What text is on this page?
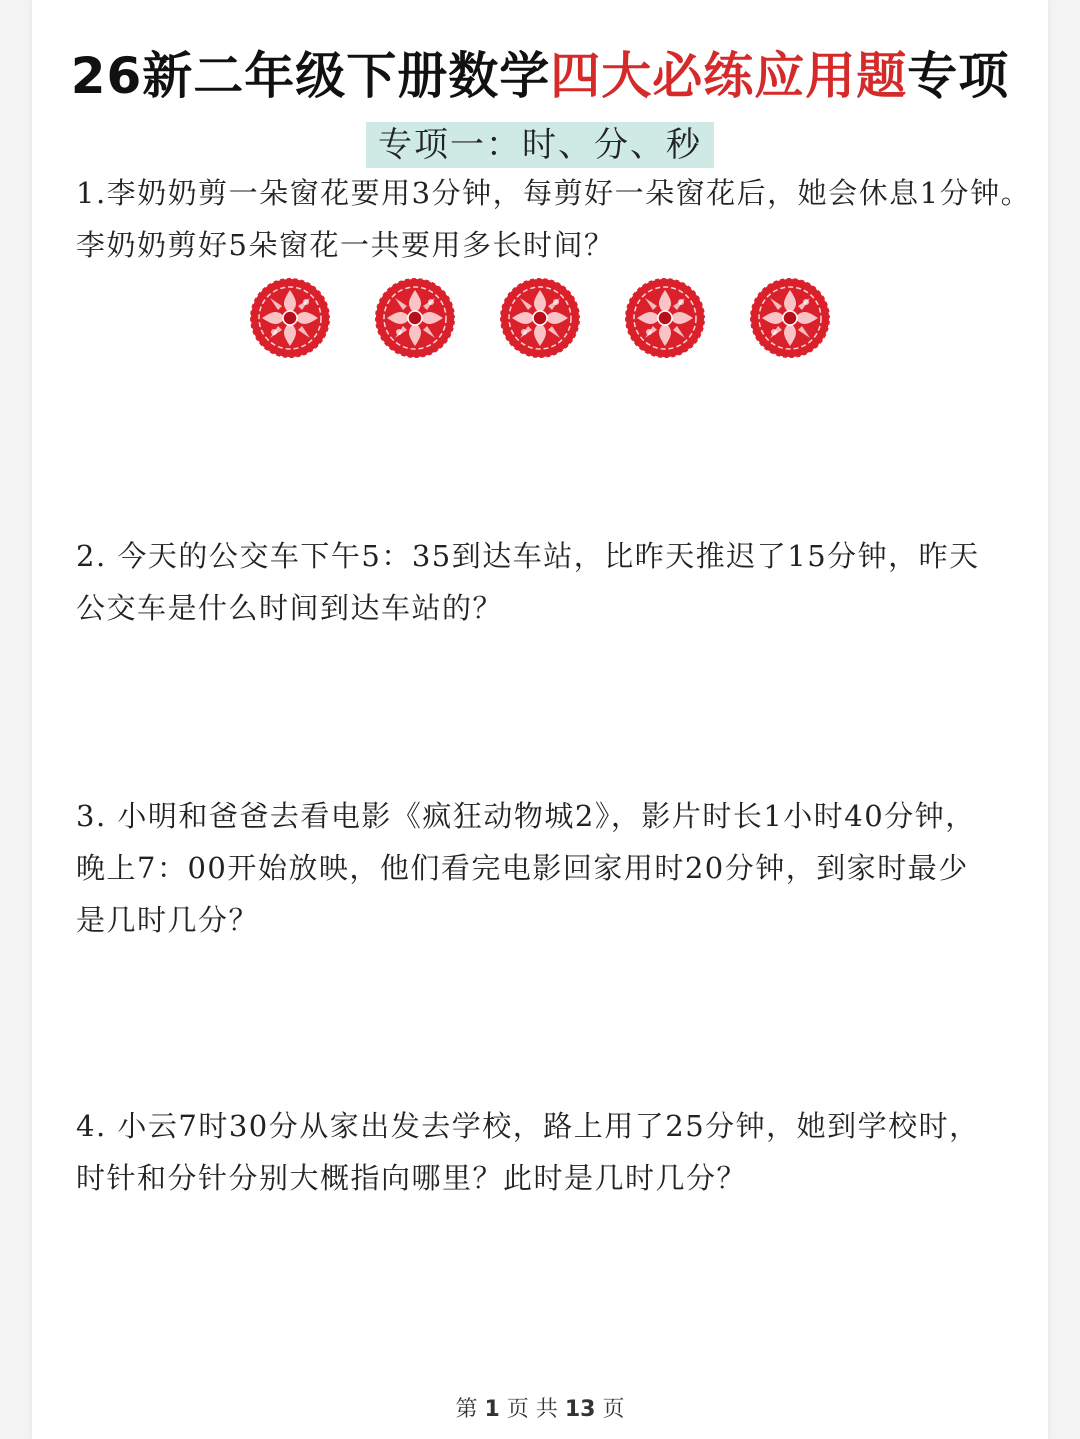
26新二年级下册数学四大必练应用题专项
专项一：时、分、秒
1.李奶奶剪一朵窗花要用3分钟，每剪好一朵窗花后，她会休息1分钟。
李奶奶剪好5朵窗花一共要用多长时间？
2. 今天的公交车下午5：35到达车站，比昨天推迟了15分钟，昨天
公交车是什么时间到达车站的？
3. 小明和爸爸去看电影《疯狂动物城2》，影片时长1小时40分钟，
晚上7：00开始放映，他们看完电影回家用时20分钟，到家时最少
是几时几分？
4. 小云7时30分从家出发去学校，路上用了25分钟，她到学校时，
时针和分针分别大概指向哪里？此时是几时几分？
第 1 页 共 13 页
